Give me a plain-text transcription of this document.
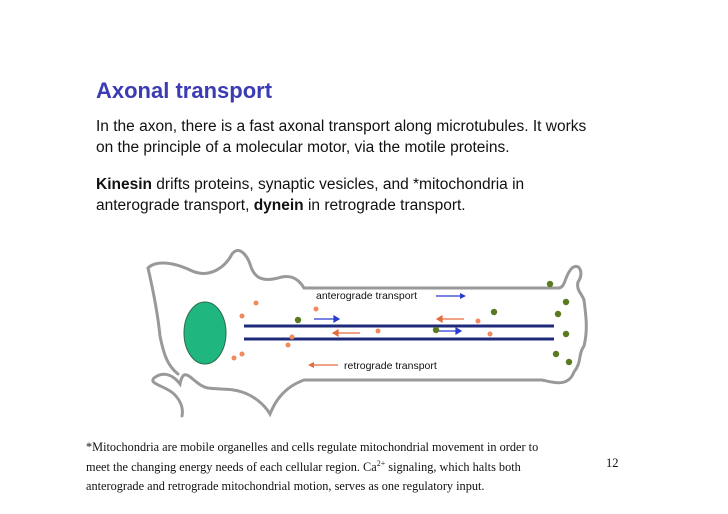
Axonal transport
In the axon, there is a fast axonal transport along microtubules. It works
on the principle of a molecular motor, via the motile proteins.
Kinesin drifts proteins, synaptic vesicles, and *mitochondria in
anterograde transport, dynein in retrograde transport.
anterograde transport
retrograde transport
*Mitochondria are mobile organelles and cells regulate mitochondrial movement in order to
meet the changing energy needs of each cellular region. $Ca^{2+}$ signaling, which halts both
anterograde and retrograde mitochondrial motion, serves as one regulatory input.
12
